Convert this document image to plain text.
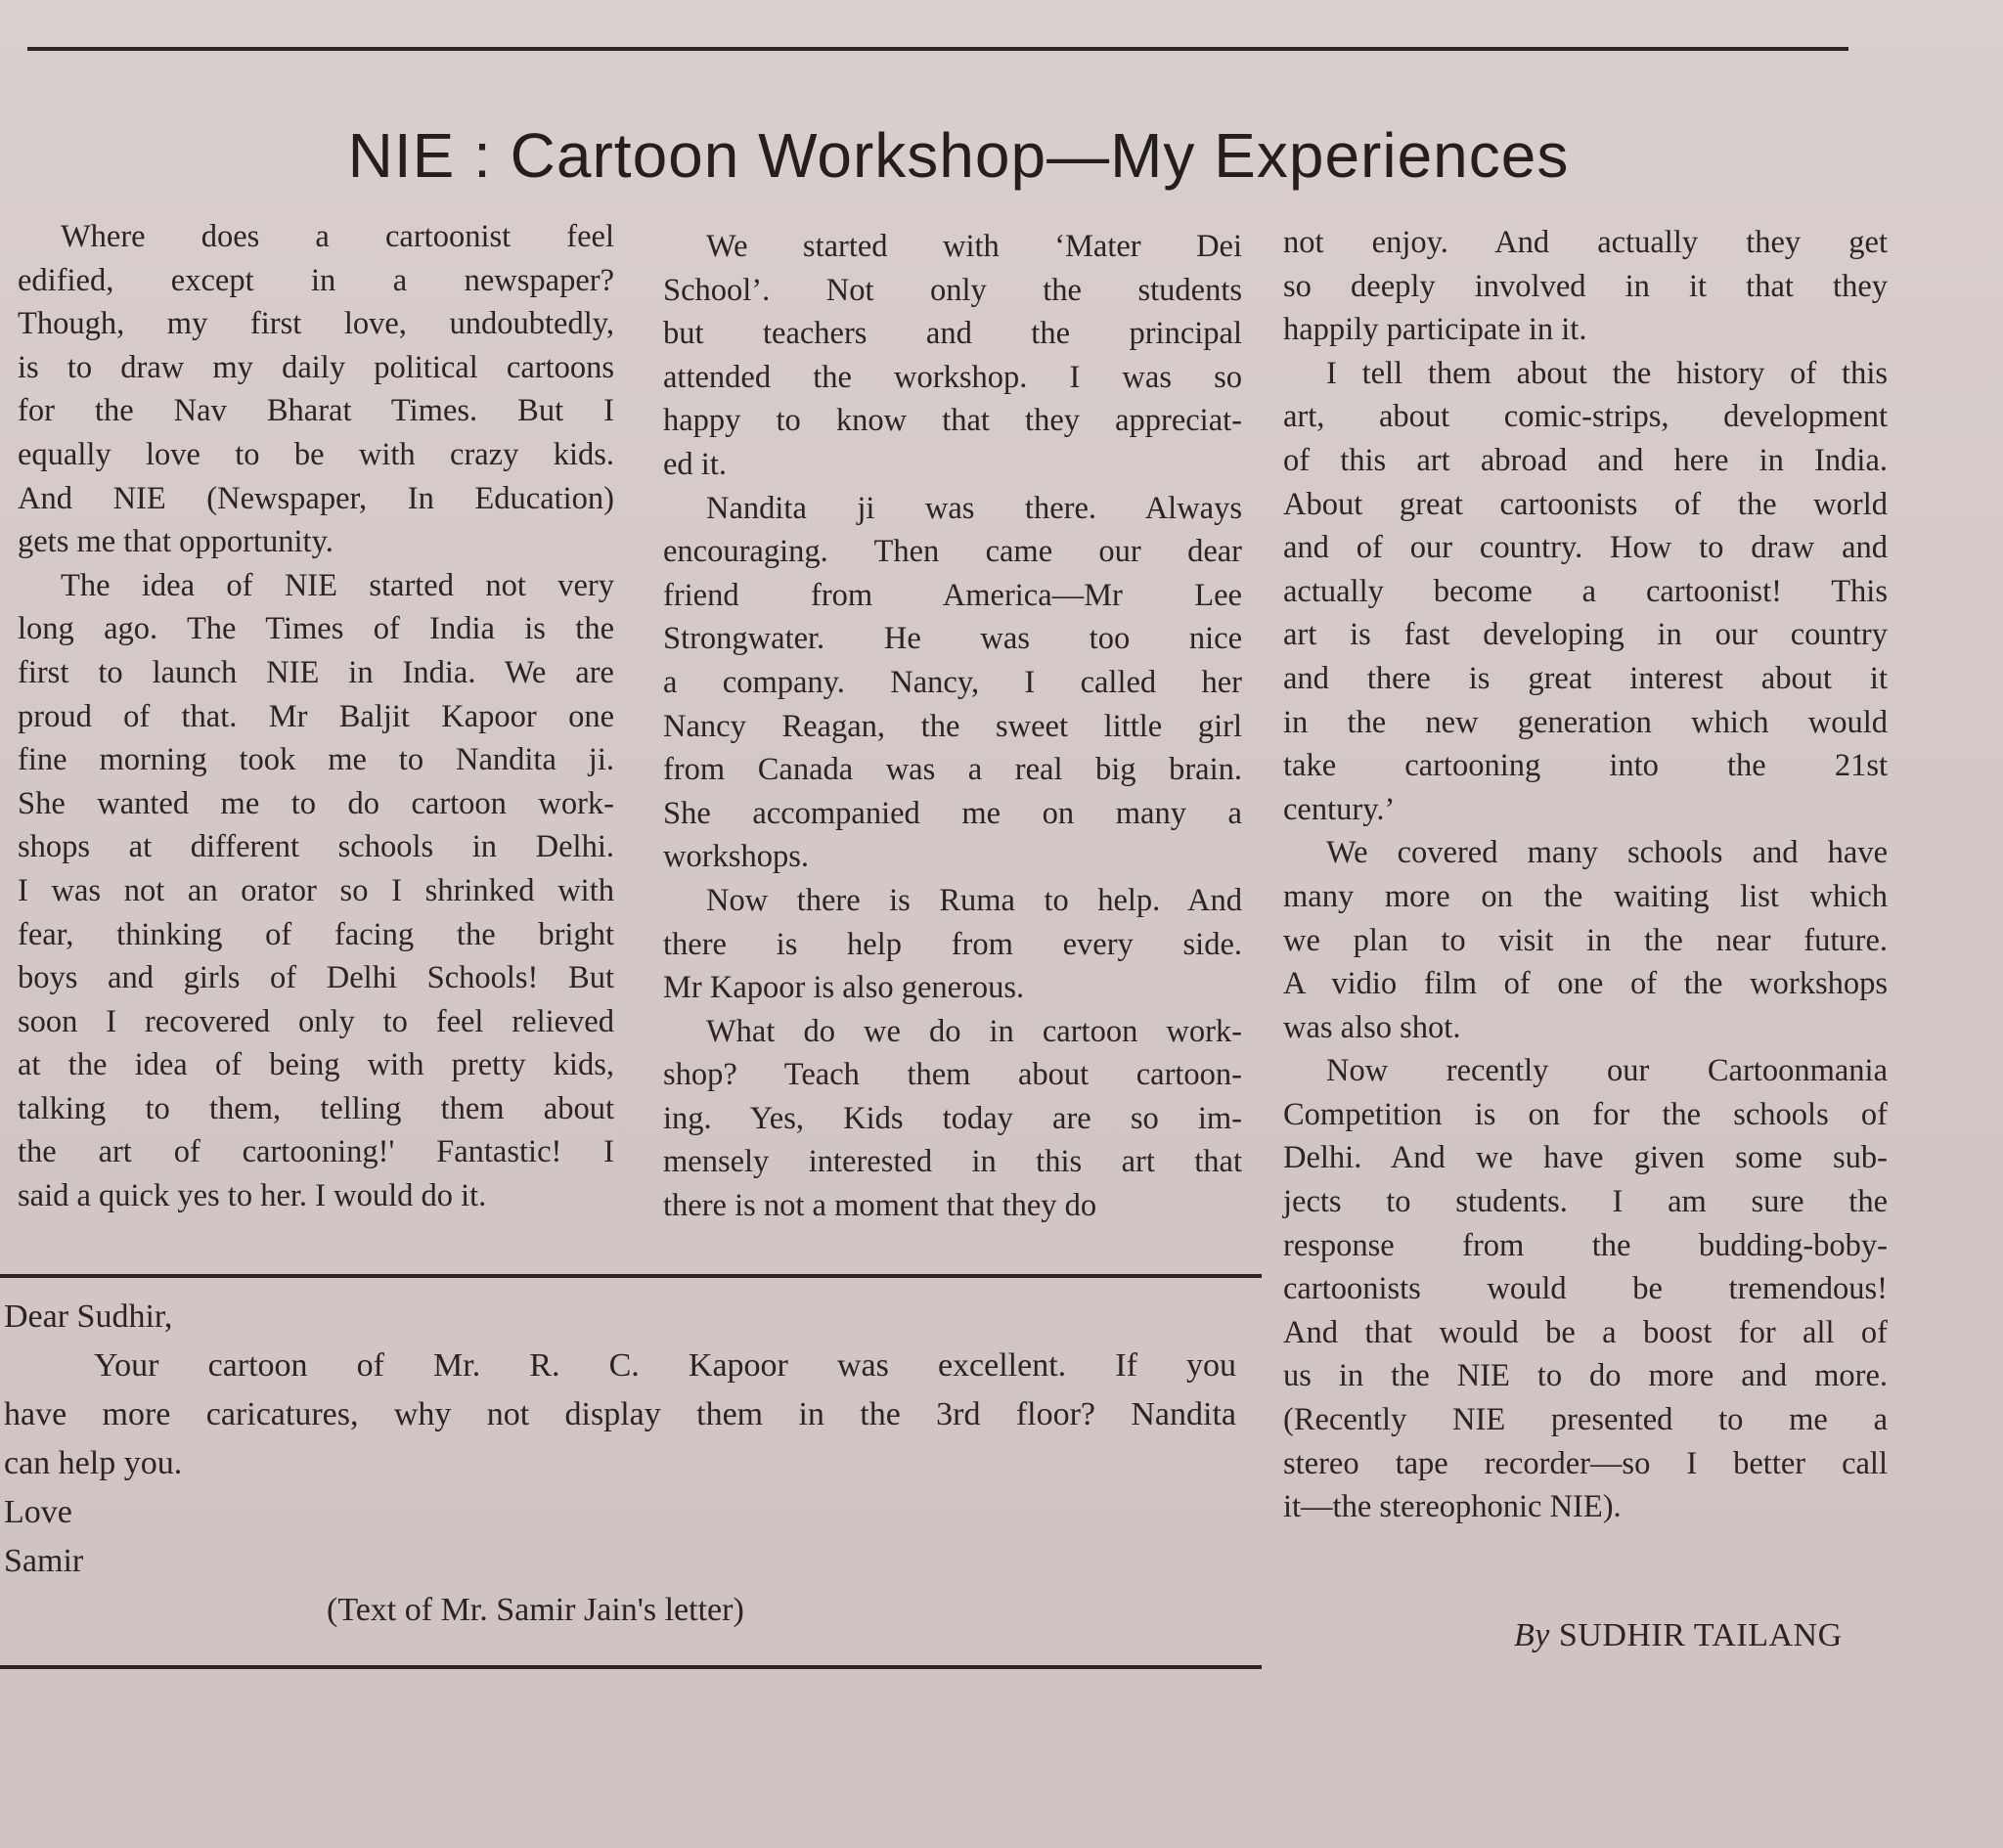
NIE : Cartoon Workshop—My Experiences
Where does a cartoonist feel
edified, except in a newspaper?
Though, my first love, undoubtedly,
is to draw my daily political cartoons
for the Nav Bharat Times. But I
equally love to be with crazy kids.
And NIE (Newspaper, In Education)
gets me that opportunity.
The idea of NIE started not very
long ago. The Times of India is the
first to launch NIE in India. We are
proud of that. Mr Baljit Kapoor one
fine morning took me to Nandita ji.
She wanted me to do cartoon work-
shops at different schools in Delhi.
I was not an orator so I shrinked with
fear, thinking of facing the bright
boys and girls of Delhi Schools! But
soon I recovered only to feel relieved
at the idea of being with pretty kids,
talking to them, telling them about
the art of cartooning!' Fantastic! I
said a quick yes to her. I would do it.
We started with ‘Mater Dei
School’. Not only the students
but teachers and the principal
attended the workshop. I was so
happy to know that they appreciat-
ed it.
Nandita ji was there. Always
encouraging. Then came our dear
friend from America—Mr Lee
Strongwater. He was too nice
a company. Nancy, I called her
Nancy Reagan, the sweet little girl
from Canada was a real big brain.
She accompanied me on many a
workshops.
Now there is Ruma to help. And
there is help from every side.
Mr Kapoor is also generous.
What do we do in cartoon work-
shop? Teach them about cartoon-
ing. Yes, Kids today are so im-
mensely interested in this art that
there is not a moment that they do
not enjoy. And actually they get
so deeply involved in it that they
happily participate in it.
I tell them about the history of this
art, about comic-strips, development
of this art abroad and here in India.
About great cartoonists of the world
and of our country. How to draw and
actually become a cartoonist! This
art is fast developing in our country
and there is great interest about it
in the new generation which would
take cartooning into the 21st
century.’
We covered many schools and have
many more on the waiting list which
we plan to visit in the near future.
A vidio film of one of the workshops
was also shot.
Now recently our Cartoonmania
Competition is on for the schools of
Delhi. And we have given some sub-
jects to students. I am sure the
response from the budding-boby-
cartoonists would be tremendous!
And that would be a boost for all of
us in the NIE to do more and more.
(Recently NIE presented to me a
stereo tape recorder—so I better call
it—the stereophonic NIE).
Dear Sudhir,
Your cartoon of Mr. R. C. Kapoor was excellent. If you
have more caricatures, why not display them in the 3rd floor? Nandita
can help you.
Love
Samir
(Text of Mr. Samir Jain's letter)
By SUDHIR TAILANG
